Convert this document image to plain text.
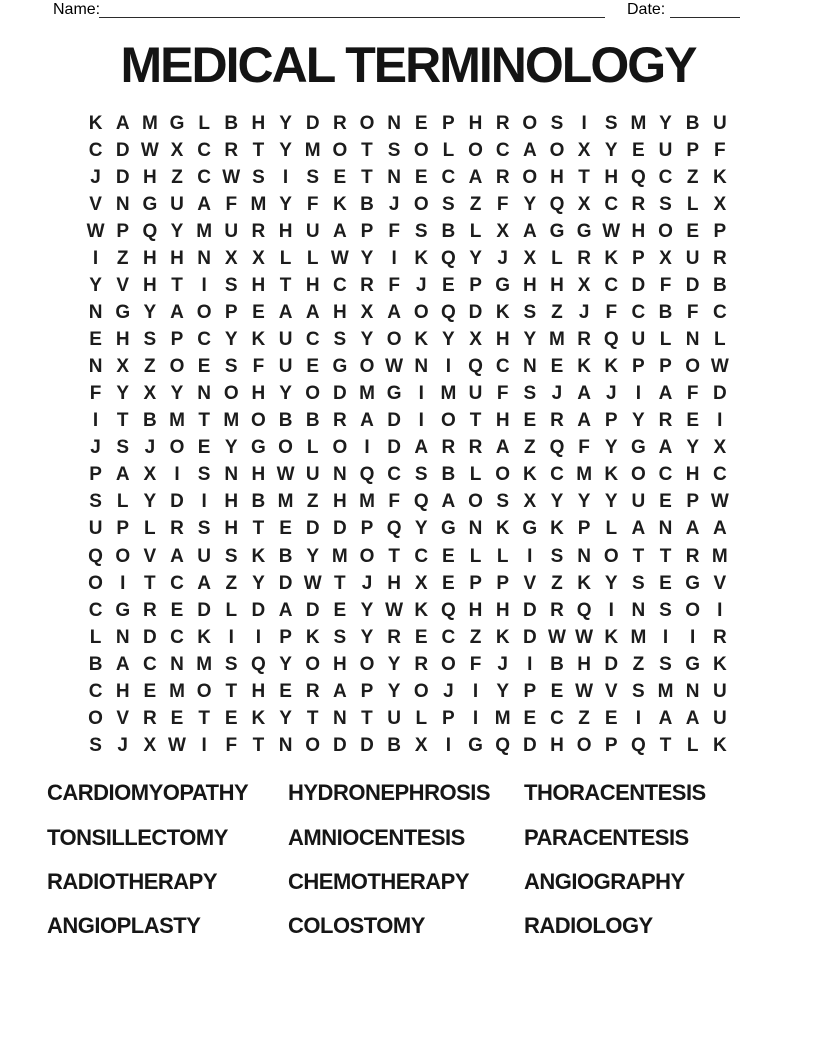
Name:	Date:
MEDICAL TERMINOLOGY
K A M G L B H Y D R O N E P H R O S I S M Y B U
C D W X C R T Y M O T S O L O C A O X Y E U P F
J D H Z C W S I S E T N E C A R O H T H Q C Z K
V N G U A F M Y F K B J O S Z F Y Q X C R S L X
W P Q Y M U R H U A P F S B L X A G G W H O E P
I Z H H N X X L L W Y I K Q Y J X L R K P X U R
Y V H T I S H T H C R F J E P G H H X C D F D B
N G Y A O P E A A H X A O Q D K S Z J F C B F C
E H S P C Y K U C S Y O K Y X H Y M R Q U L N L
N X Z O E S F U E G O W N I Q C N E K K P P O W
F Y X Y N O H Y O D M G I M U F S J A J	I A F D
I T B M T M O B B R A D I O T H E R A P Y R E I
J S J O E Y G O L O I D A R R A Z Q F Y G A Y X
P A X I S N H W U N Q C S B L O K C M K O C H C
S L Y D I H B M Z H M F Q A O S X Y Y Y U E P W
U P L R S H T E D D P Q Y G N K G K P L A N A A
Q O V A U S K B Y M O T C E L L I S N O T T R M
O I T C A Z Y D W T J H X E P P V Z K Y S E G V
C G R E D L D A D E Y W K Q H H D R Q I N S O I
L N D C K I	I P K S Y R E C Z K D W W K M I	I R
B A C N M S Q Y O H O Y R O F J	I B H D Z S G K
C H E M O T H E R A P Y O J	I Y P E W V S M N U
O V R E T E K Y T N T U L P I M E C Z E I A A U
S J X W I F T N O D D B X I G Q D H O P Q T L K
CARDIOMYOPATHY
TONSILLECTOMY
RADIOTHERAPY
ANGIOPLASTY
HYDRONEPHROSIS
AMNIOCENTESIS
CHEMOTHERAPY
COLOSTOMY
THORACENTESIS
PARACENTESIS
ANGIOGRAPHY
RADIOLOGY
